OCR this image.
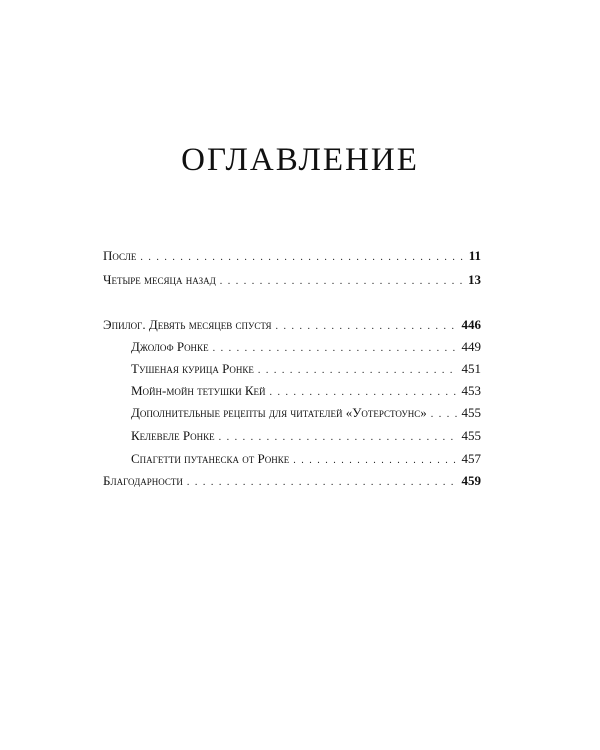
ОГЛАВЛЕНИЕ
После . . .	11
Четыре месяца назад . . .	13
Эпилог. Девять месяцев спустя . . .	446
Джолоф Ронке . . .	449
Тушеная курица Ронке . . .	451
Мойн-мойн тетушки Кей . . .	453
Дополнительные рецепты для читателей «Уотерстоунс» . . .	455
Келевеле Ронке . . .	455
Спагетти путанеска от Ронке . . .	457
Благодарности . . .	459
